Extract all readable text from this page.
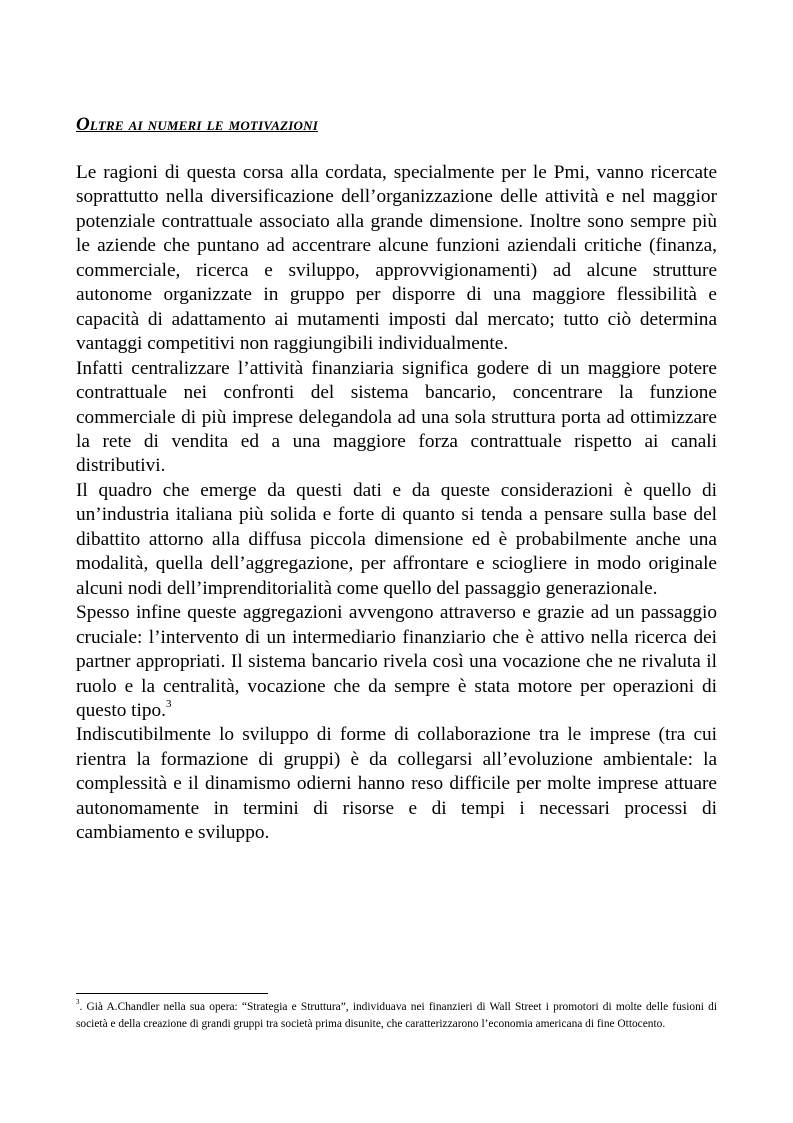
Oltre ai numeri le motivazioni

Le ragioni di questa corsa alla cordata, specialmente per le Pmi, vanno ricercate soprattutto nella diversificazione dell’organizzazione delle attività e nel maggior potenziale contrattuale associato alla grande dimensione. Inoltre sono sempre più le aziende che puntano ad accentrare alcune funzioni aziendali critiche (finanza, commerciale, ricerca e sviluppo, approvvigionamenti) ad alcune strutture autonome organizzate in gruppo per disporre di una maggiore flessibilità e capacità di adattamento ai mutamenti imposti dal mercato; tutto ciò determina vantaggi competitivi non raggiungibili individualmente.

Infatti centralizzare l’attività finanziaria significa godere di un maggiore potere contrattuale nei confronti del sistema bancario, concentrare la funzione commerciale di più imprese delegandola ad una sola struttura porta ad ottimizzare la rete di vendita ed a una maggiore forza contrattuale rispetto ai canali distributivi.

Il quadro che emerge da questi dati e da queste considerazioni è quello di un’industria italiana più solida e forte di quanto si tenda a pensare sulla base del dibattito attorno alla diffusa piccola dimensione ed è probabilmente anche una modalità, quella dell’aggregazione, per affrontare e sciogliere in modo originale alcuni nodi dell’imprenditorialità come quello del passaggio generazionale.

Spesso infine queste aggregazioni avvengono attraverso e grazie ad un passaggio cruciale: l’intervento di un intermediario finanziario che è attivo nella ricerca dei partner appropriati. Il sistema bancario rivela così una vocazione che ne rivaluta il ruolo e la centralità, vocazione che da sempre è stata motore per operazioni di questo tipo.$^3$

Indiscutibilmente lo sviluppo di forme di collaborazione tra le imprese (tra cui rientra la formazione di gruppi) è da collegarsi all’evoluzione ambientale: la complessità e il dinamismo odierni hanno reso difficile per molte imprese attuare autonomamente in termini di risorse e di tempi i necessari processi di cambiamento e sviluppo.

$^3$. Già A.Chandler nella sua opera: “Strategia e Struttura”, individuava nei finanzieri di Wall Street i promotori di molte delle fusioni di società e della creazione di grandi gruppi tra società prima disunite, che caratterizzarono l’economia americana di fine Ottocento.
